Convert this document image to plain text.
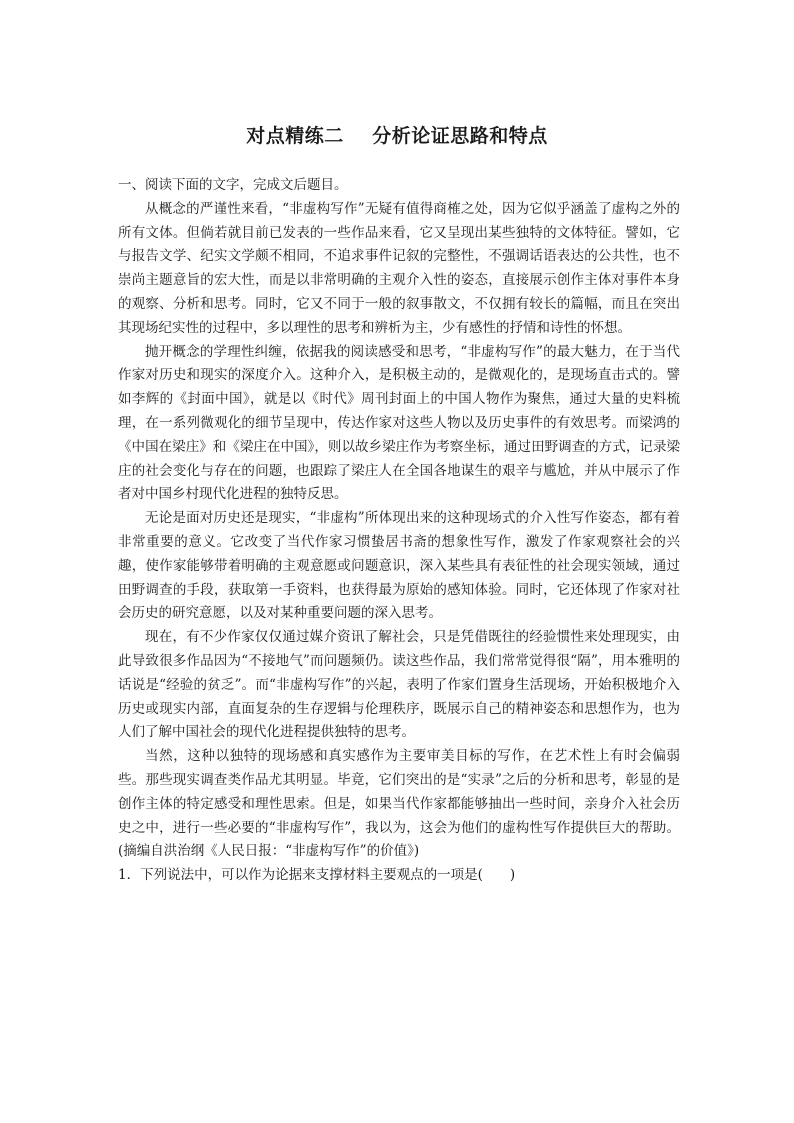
对点精练二    分析论证思路和特点

一、阅读下面的文字，完成文后题目。

从概念的严谨性来看，“非虚构写作”无疑有值得商榷之处，因为它似乎涵盖了虚构之外的所有文体。但倘若就目前已发表的一些作品来看，它又呈现出某些独特的文体特征。譬如，它与报告文学、纪实文学颇不相同，不追求事件记叙的完整性，不强调话语表达的公共性，也不崇尚主题意旨的宏大性，而是以非常明确的主观介入性的姿态，直接展示创作主体对事件本身的观察、分析和思考。同时，它又不同于一般的叙事散文，不仅拥有较长的篇幅，而且在突出其现场纪实性的过程中，多以理性的思考和辨析为主，少有感性的抒情和诗性的怀想。

抛开概念的学理性纠缠，依据我的阅读感受和思考，“非虚构写作”的最大魅力，在于当代作家对历史和现实的深度介入。这种介入，是积极主动的，是微观化的，是现场直击式的。譬如李辉的《封面中国》，就是以《时代》周刊封面上的中国人物作为聚焦，通过大量的史料梳理，在一系列微观化的细节呈现中，传达作家对这些人物以及历史事件的有效思考。而梁鸿的《中国在梁庄》和《梁庄在中国》，则以故乡梁庄作为考察坐标，通过田野调查的方式，记录梁庄的社会变化与存在的问题，也跟踪了梁庄人在全国各地谋生的艰辛与尴尬，并从中展示了作者对中国乡村现代化进程的独特反思。

无论是面对历史还是现实，“非虚构”所体现出来的这种现场式的介入性写作姿态，都有着非常重要的意义。它改变了当代作家习惯蛰居书斋的想象性写作，激发了作家观察社会的兴趣，使作家能够带着明确的主观意愿或问题意识，深入某些具有表征性的社会现实领域，通过田野调查的手段，获取第一手资料，也获得最为原始的感知体验。同时，它还体现了作家对社会历史的研究意愿，以及对某种重要问题的深入思考。

现在，有不少作家仅仅通过媒介资讯了解社会，只是凭借既往的经验惯性来处理现实，由此导致很多作品因为“不接地气”而问题频仍。读这些作品，我们常常觉得很“隔”，用本雅明的话说是“经验的贫乏”。而“非虚构写作”的兴起，表明了作家们置身生活现场，开始积极地介入历史或现实内部，直面复杂的生存逻辑与伦理秩序，既展示自己的精神姿态和思想作为，也为人们了解中国社会的现代化进程提供独特的思考。

当然，这种以独特的现场感和真实感作为主要审美目标的写作，在艺术性上有时会偏弱些。那些现实调查类作品尤其明显。毕竟，它们突出的是“实录”之后的分析和思考，彰显的是创作主体的特定感受和理性思索。但是，如果当代作家都能够抽出一些时间，亲身介入社会历史之中，进行一些必要的“非虚构写作”，我以为，这会为他们的虚构性写作提供巨大的帮助。(摘编自洪治纲《人民日报：“非虚构写作”的价值》)

1．下列说法中，可以作为论据来支撑材料主要观点的一项是(　　)
